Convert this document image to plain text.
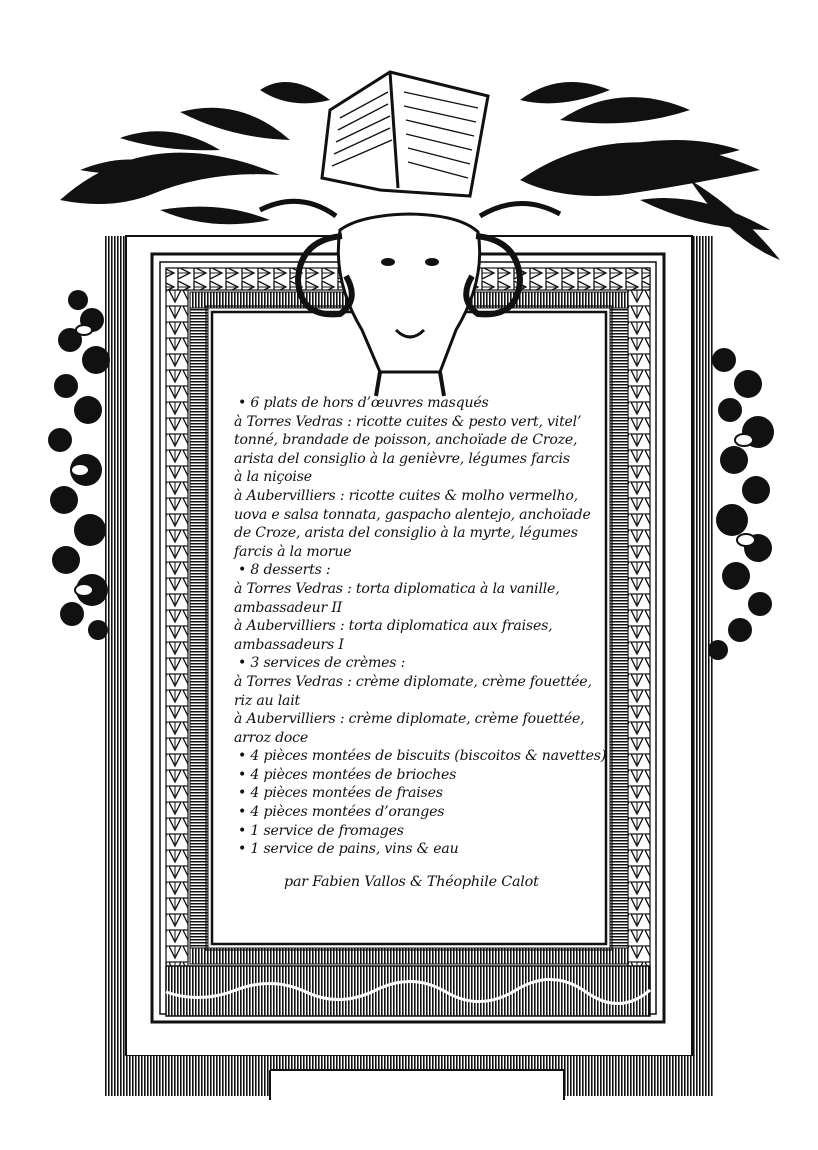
• 6 plats de hors d’œuvres masqués
à Torres Vedras : ricotte cuites & pesto vert, vitel’
tonné, brandade de poisson, anchoïade de Croze,
arista del consiglio à la genièvre, légumes farcis
à la niçoise
à Aubervilliers : ricotte cuites & molho vermelho,
uova e salsa tonnata, gaspacho alentejo, anchoïade
de Croze, arista del consiglio à la myrte, légumes
farcis à la morue
• 8 desserts :
à Torres Vedras : torta diplomatica à la vanille,
ambassadeur II
à Aubervilliers : torta diplomatica aux fraises,
ambassadeurs I
• 3 services de crèmes :
à Torres Vedras : crème diplomate, crème fouettée,
riz au lait
à Aubervilliers : crème diplomate, crème fouettée,
arroz doce
• 4 pièces montées de biscuits (biscoitos & navettes)
• 4 pièces montées de brioches
• 4 pièces montées de fraises
• 4 pièces montées d’oranges
• 1 service de fromages
• 1 service de pains, vins & eau
par Fabien Vallos & Théophile Calot
